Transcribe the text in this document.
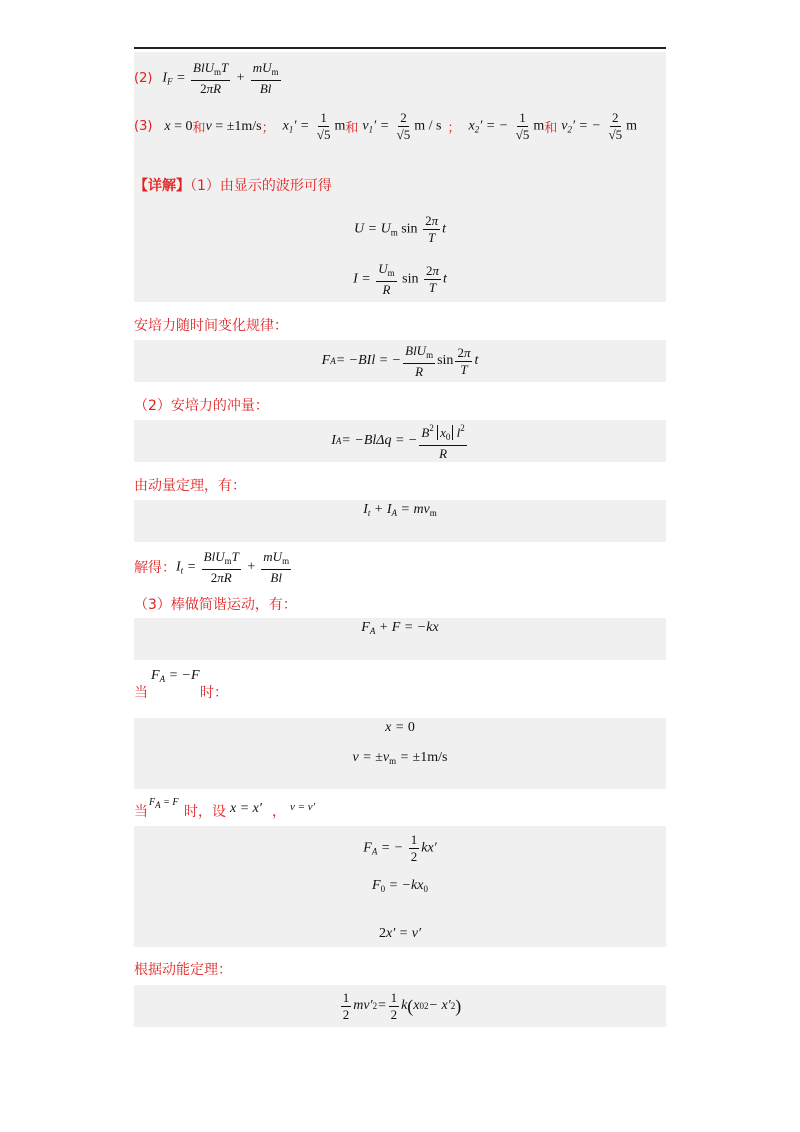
(2) $I_F = \frac{BlU_mT}{2\pi R} + \frac{mU_m}{Bl}$
(3) x = 0 和 v = ±1m/s ； $x_1' = \frac{1}{√5}$ m 和 $v_1' = \frac{2}{√5}$ m / s ； $x_2'$ = − $\frac{1}{√5}$ m 和 $v_2'$ = − $\frac{2}{√5}$ m
【详解】（1）由显示的波形可得
$U = U_m$ $\sin \frac{2\pi}{T}$ t
$I = \frac{U_m}{R}$ $\sin \frac{2\pi}{T}$ t
安培力随时间变化规律：
F A = −BIl = − $\frac{BlU_m}{R}$ $\sin \frac{2\pi}{T}$ t
（2）安培力的冲量：
I A = −BlΔq = − $\frac{B^2 x_0 l^2}{R}$
由动量定理，有：
$I_t + I_A = mv_m$
解得： $I_t = \frac{BlU_mT}{2\pi R} + \frac{mU_m}{Bl}$
（3）棒做简谐运动，有：
$F_A + F = -kx$
当
$F_A = -F$
时：
x = 0
$v = \pm v_m = \pm 1m/s$
当
FA = F
时，设 x = x′ ， v = v′
$F_A$ = − $\frac{1}{2} kx'$
$F_0 = -kx_0$
2x′ = v′
根据动能定理：
$\frac{1}{2} mv'$ $2 = \frac{1}{2}$ k ( x 0 2 − x′ 2 )
